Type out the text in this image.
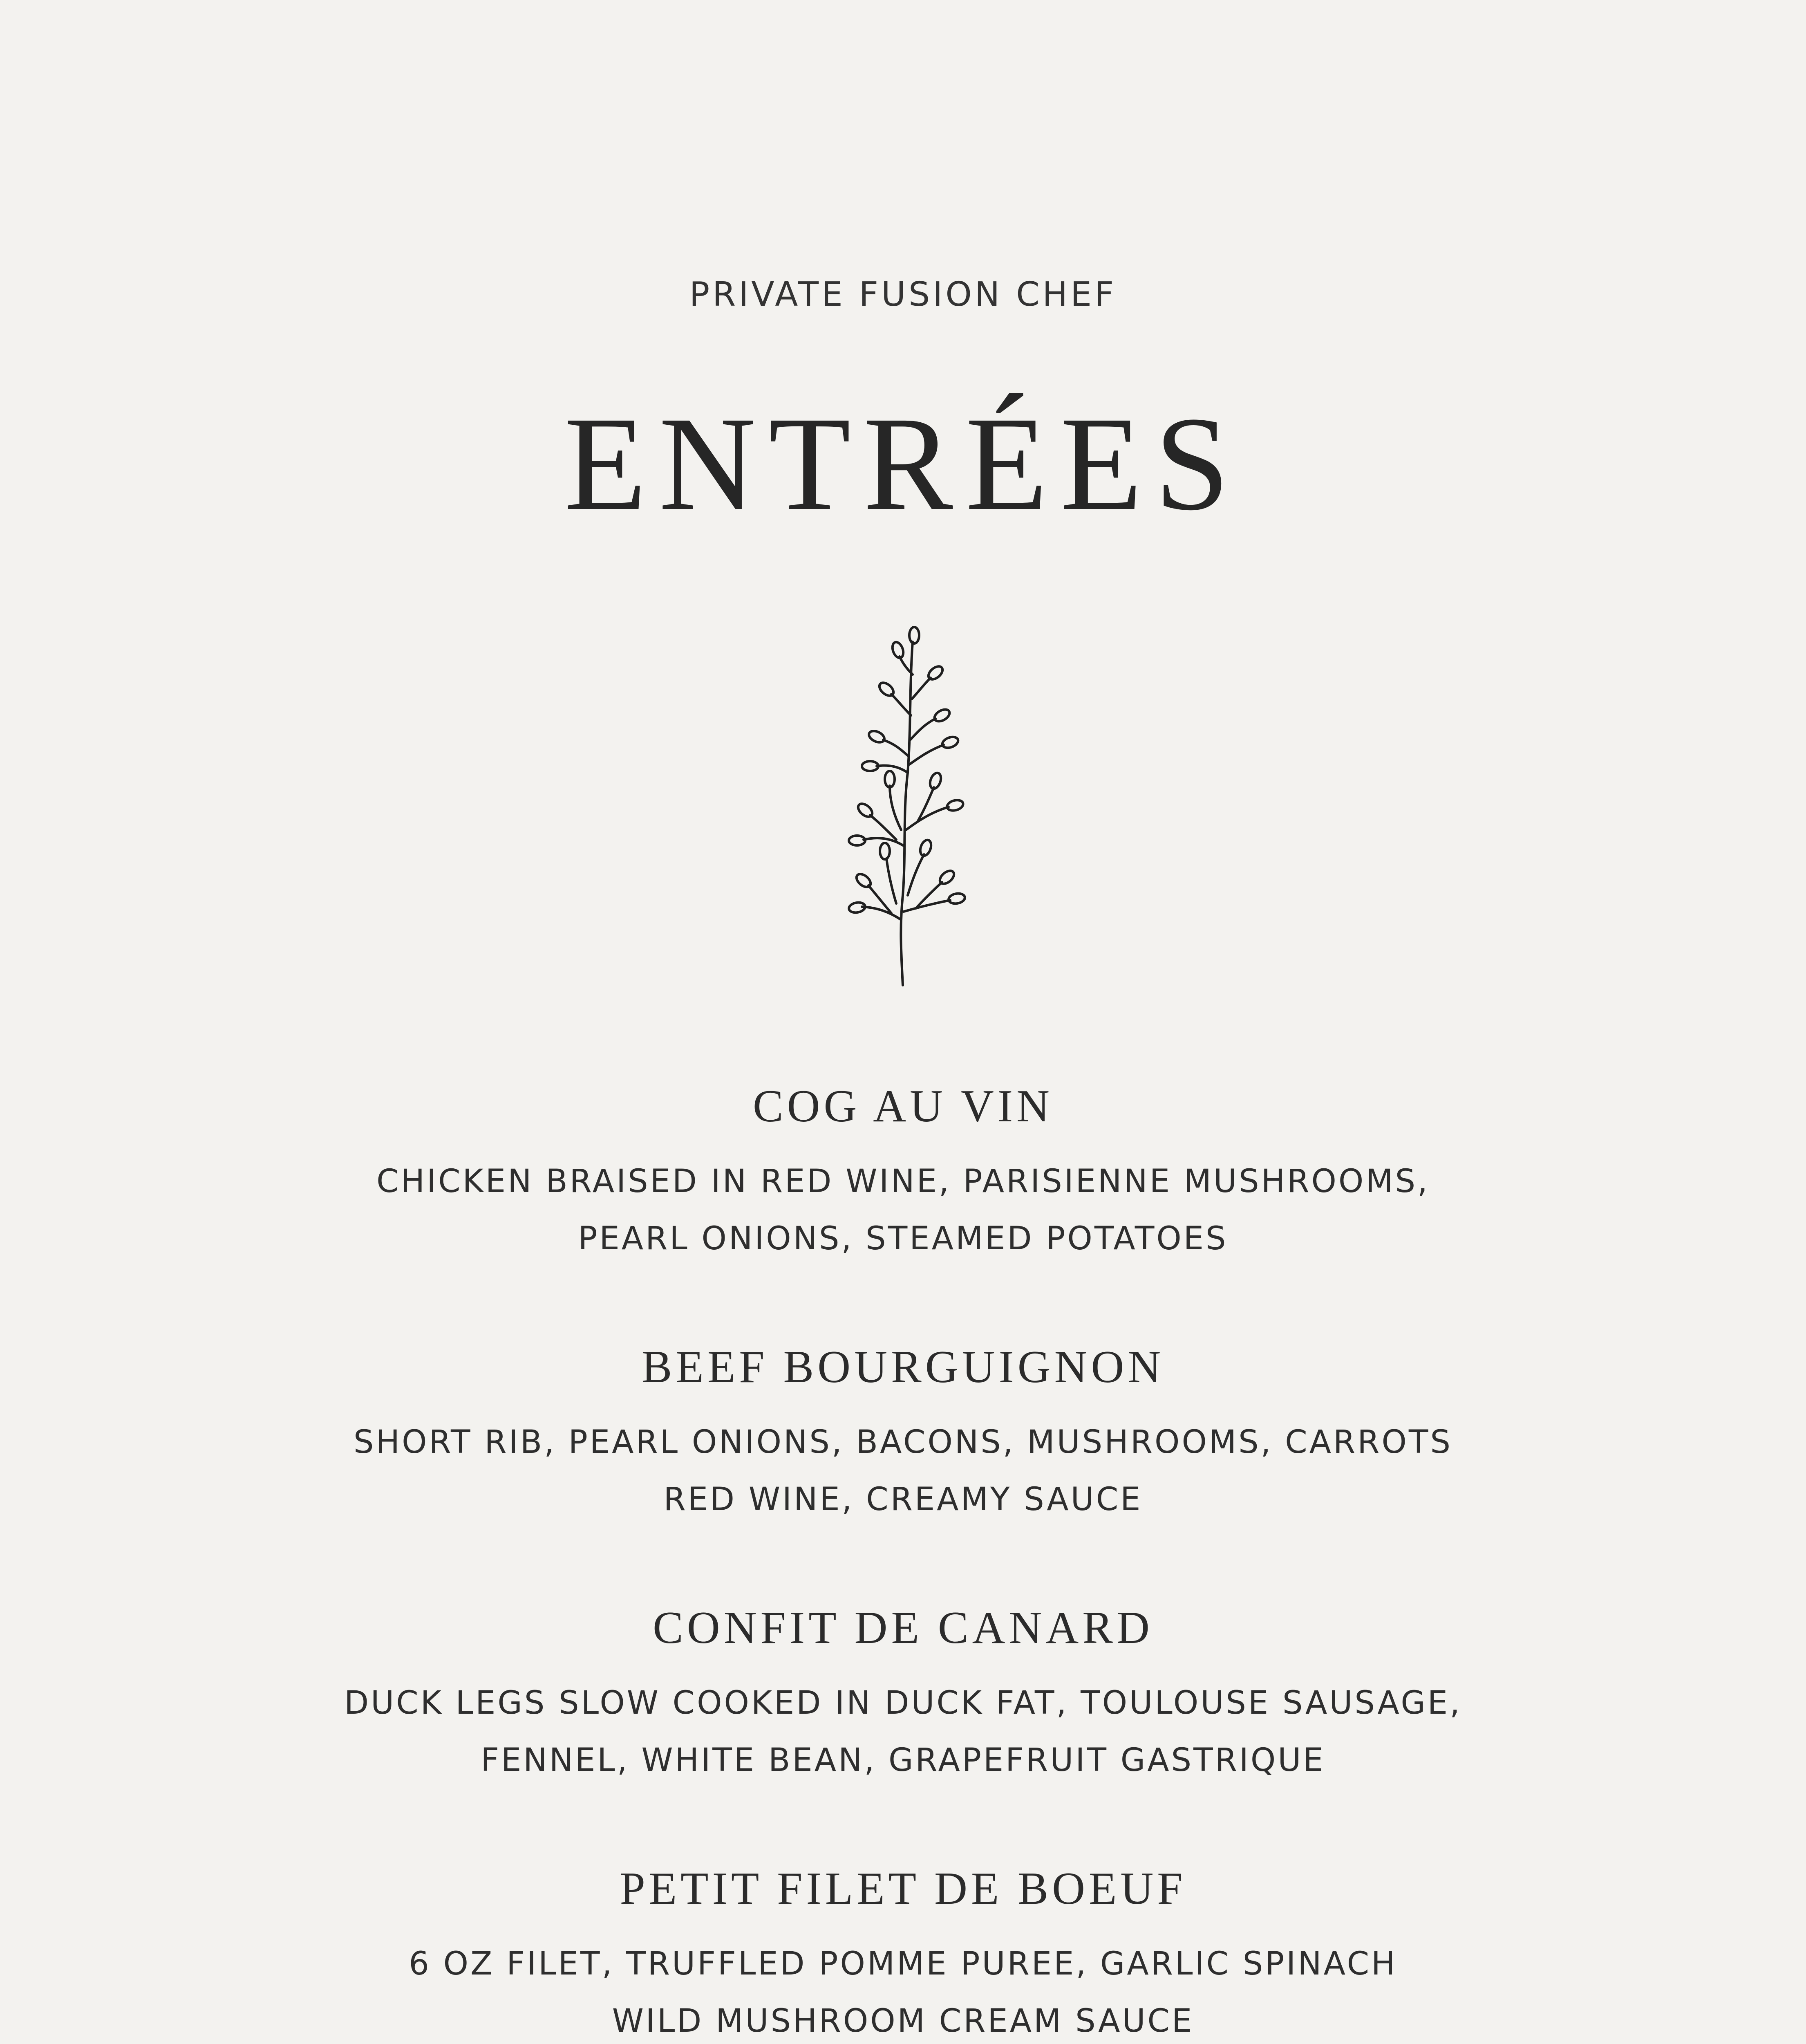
PRIVATE FUSION CHEF
ENTRÉES
COG AU VIN
CHICKEN BRAISED IN RED WINE, PARISIENNE MUSHROOMS,
PEARL ONIONS, STEAMED POTATOES
BEEF BOURGUIGNON
SHORT RIB, PEARL ONIONS, BACONS, MUSHROOMS, CARROTS
RED WINE, CREAMY SAUCE
CONFIT DE CANARD
DUCK LEGS SLOW COOKED IN DUCK FAT, TOULOUSE SAUSAGE,
FENNEL, WHITE BEAN, GRAPEFRUIT GASTRIQUE
PETIT FILET DE BOEUF
6 OZ FILET, TRUFFLED POMME PUREE, GARLIC SPINACH
WILD MUSHROOM CREAM SAUCE
